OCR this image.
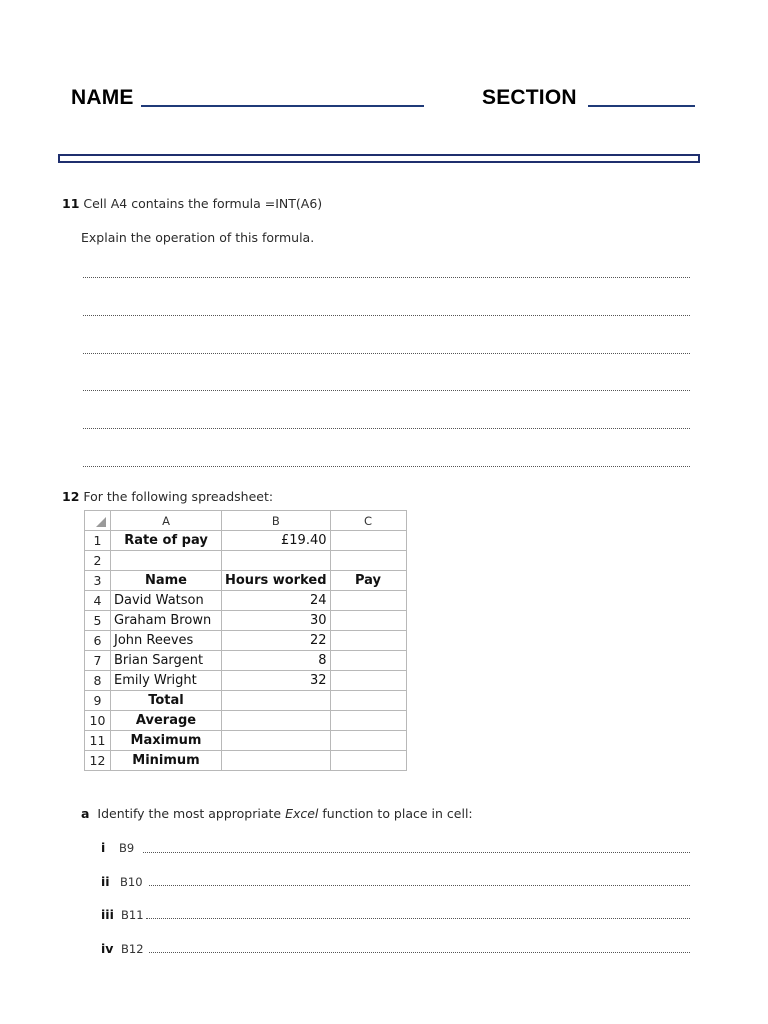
NAME	SECTION
11 Cell A4 contains the formula =INT(A6)
Explain the operation of this formula.
12 For the following spreadsheet:
	A	B	C
1	Rate of pay	£19.40	
2			
3	Name	Hours worked	Pay
4	David Watson	24	
5	Graham Brown	30	
6	John Reeves	22	
7	Brian Sargent	8	
8	Emily Wright	32	
9	Total		
10	Average		
11	Maximum		
12	Minimum		
a Identify the most appropriate Excel function to place in cell:
i B9
ii B10
iii B11
iv B12
